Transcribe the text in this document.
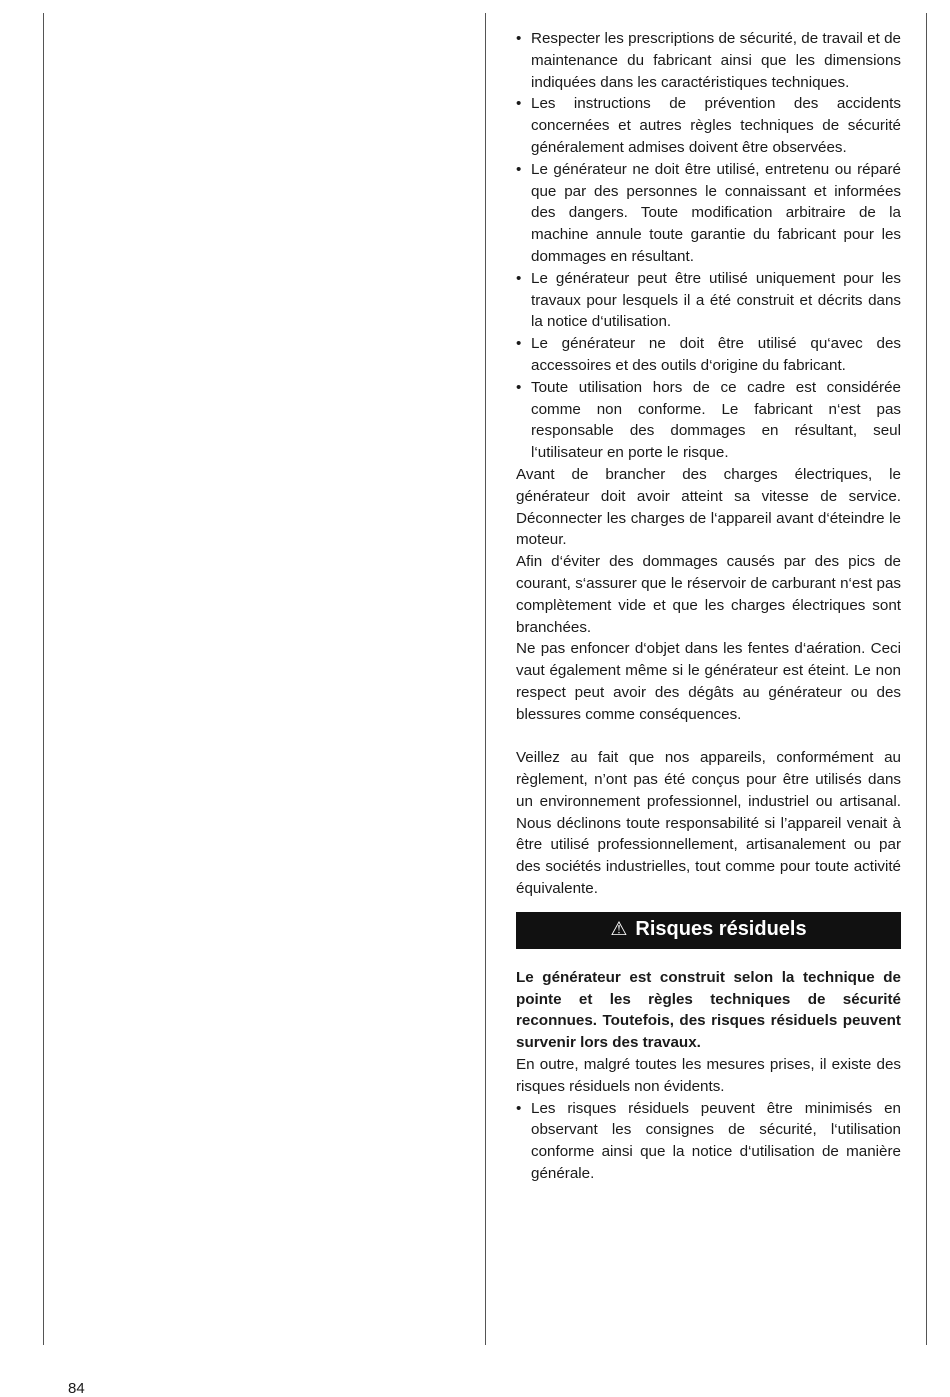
• Respecter les prescriptions de sécurité, de travail et de maintenance du fabricant ainsi que les dimensions indiquées dans les caractéristiques techniques.
• Les instructions de prévention des accidents concernées et autres règles techniques de sécurité généralement admises doivent être observées.
• Le générateur ne doit être utilisé, entretenu ou réparé que par des personnes le connaissant et informées des dangers. Toute modification arbitraire de la machine annule toute garantie du fabricant pour les dommages en résultant.
• Le générateur peut être utilisé uniquement pour les travaux pour lesquels il a été construit et décrits dans la notice d‘utilisation.
• Le générateur ne doit être utilisé qu‘avec des accessoires et des outils d‘origine du fabricant.
• Toute utilisation hors de ce cadre est considérée comme non conforme. Le fabricant n‘est pas responsable des dommages en résultant, seul l‘utilisateur en porte le risque.

Avant de brancher des charges électriques, le générateur doit avoir atteint sa vitesse de service. Déconnecter les charges de l‘appareil avant d‘éteindre le moteur.

Afin d‘éviter des dommages causés par des pics de courant, s‘assurer que le réservoir de carburant n‘est pas complètement vide et que les charges électriques sont branchées.

Ne pas enfoncer d‘objet dans les fentes d‘aération. Ceci vaut également même si le générateur est éteint. Le non respect peut avoir des dégâts au générateur ou des blessures comme conséquences.

Veillez au fait que nos appareils, conformément au règlement, n’ont pas été conçus pour être utilisés dans un environnement professionnel, industriel ou artisanal. Nous déclinons toute responsabilité si l’appareil venait à être utilisé professionnellement, artisanalement ou par des sociétés industrielles, tout comme pour toute activité équivalente.

⚠ Risques résiduels

Le générateur est construit selon la technique de pointe et les règles techniques de sécurité reconnues. Toutefois, des risques résiduels peuvent survenir lors des travaux.

En outre, malgré toutes les mesures prises, il existe des risques résiduels non évidents.

• Les risques résiduels peuvent être minimisés en observant les consignes de sécurité, l‘utilisation conforme ainsi que la notice d‘utilisation de manière générale.
84
